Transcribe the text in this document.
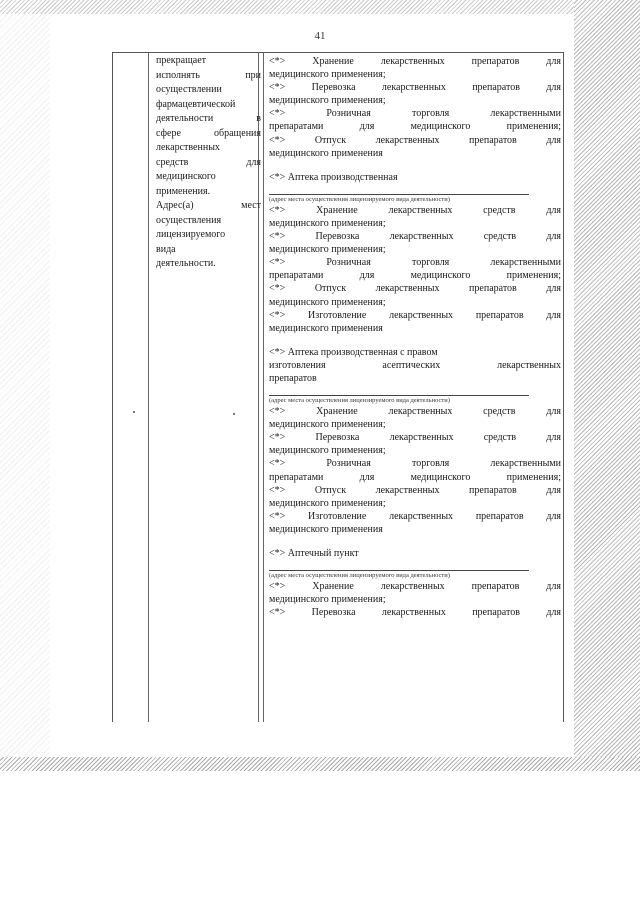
41
прекращает
исполнять при
осуществлении
фармацевтической
деятельности в
сфере обращения
лекарственных
средств для
медицинского
применения.
Адрес(а) мест
осуществления
лицензируемого
вида
деятельности.
<*> Хранение лекарственных препаратов для
медицинского применения;
<*> Перевозка лекарственных препаратов для
медицинского применения;
<*> Розничная торговля лекарственными
препаратами для медицинского применения;
<*> Отпуск лекарственных препаратов для
медицинского применения
<*> Аптека производственная
(адрес места осуществления лицензируемого вида деятельности)
<*> Хранение лекарственных средств для
медицинского применения;
<*> Перевозка лекарственных средств для
медицинского применения;
<*> Розничная торговля лекарственными
препаратами для медицинского применения;
<*> Отпуск лекарственных препаратов для
медицинского применения;
<*> Изготовление лекарственных препаратов для
медицинского применения
<*> Аптека производственная с правом
изготовления асептических лекарственных
препаратов
(адрес места осуществления лицензируемого вида деятельности)
<*> Хранение лекарственных средств для
медицинского применения;
<*> Перевозка лекарственных средств для
медицинского применения;
<*> Розничная торговля лекарственными
препаратами для медицинского применения;
<*> Отпуск лекарственных препаратов для
медицинского применения;
<*> Изготовление лекарственных препаратов для
медицинского применения
<*> Аптечный пункт
(адрес места осуществления лицензируемого вида деятельности)
<*> Хранение лекарственных препаратов для
медицинского применения;
<*> Перевозка лекарственных препаратов для
